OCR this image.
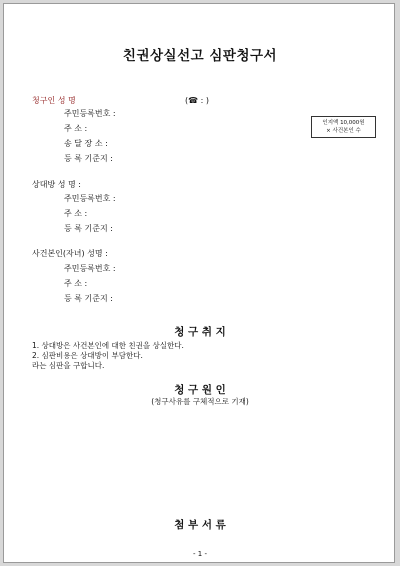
친권상실선고 심판청구서
청구인 성 명	(☎ : )
주민등록번호 :
주 소 :
송 달 장 소 :
등 록 기준지 :
인지액 10,000원
× 사건본인 수
상대방 성 명 :
주민등록번호 :
주 소 :
등 록 기준지 :
사건본인(자녀) 성명 :
주민등록번호 :
주 소 :
등 록 기준지 :
청 구 취 지
1. 상대방은 사건본인에 대한 친권을 상실한다.
2. 심판비용은 상대방이 부담한다.
라는 심판을 구합니다.
청 구 원 인
(청구사유를 구체적으로 기재)
첨 부 서 류
- 1 -
